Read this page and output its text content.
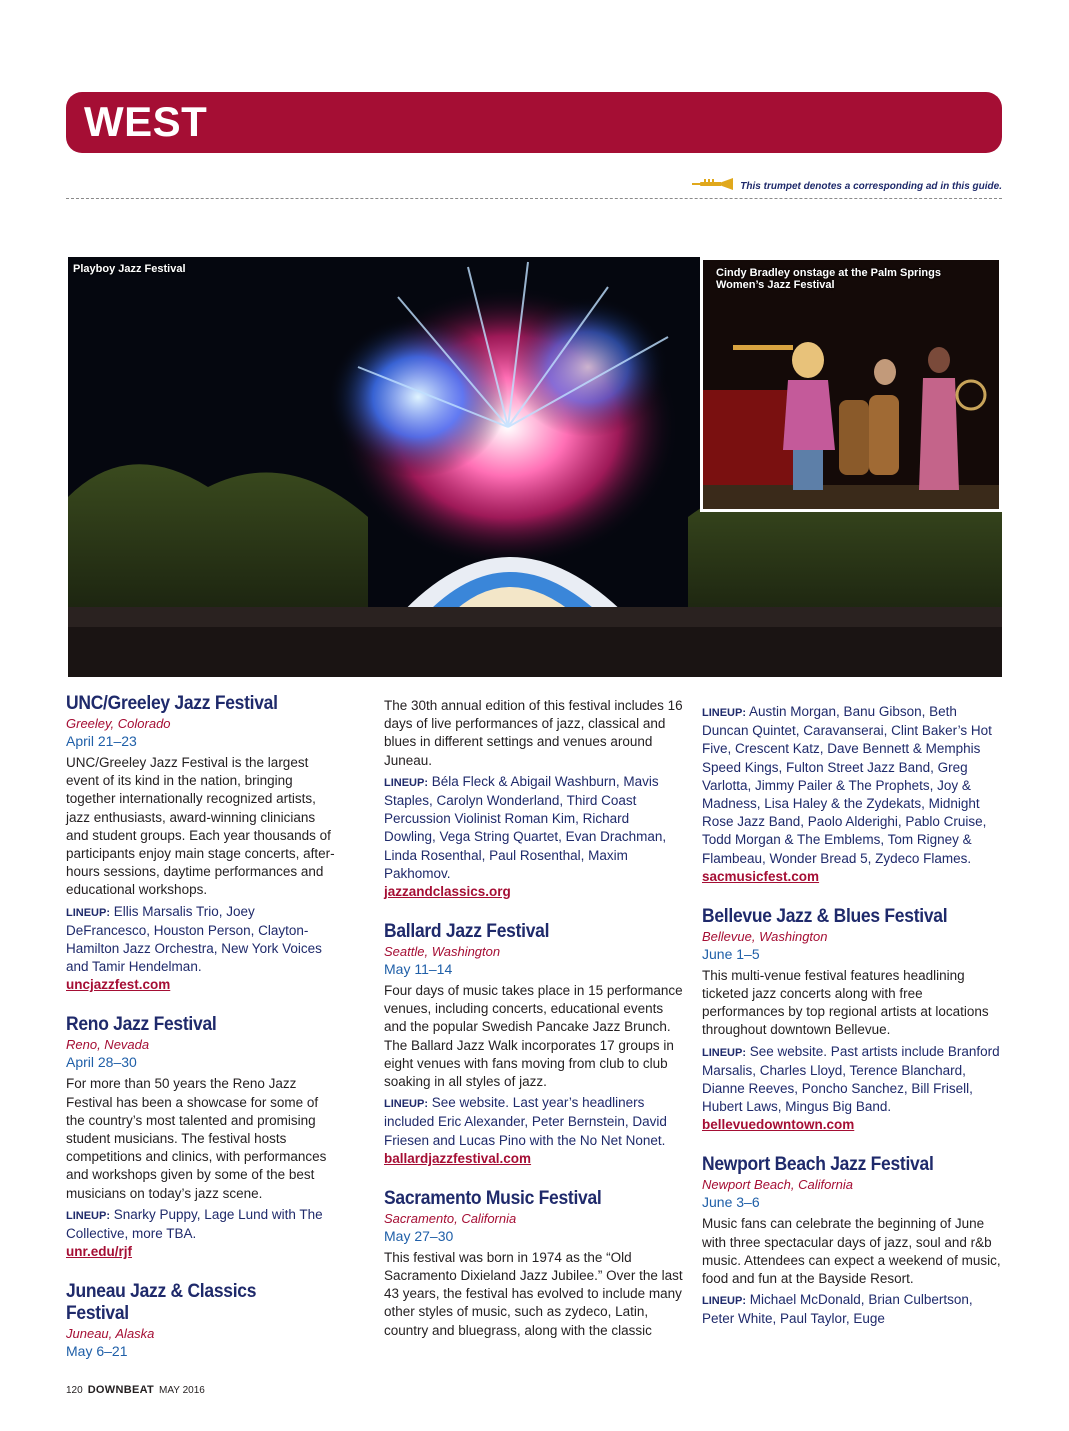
WEST
This trumpet denotes a corresponding ad in this guide.
Playboy Jazz Festival	Cindy Bradley onstage at the Palm Springs Women’s Jazz Festival
UNC/Greeley Jazz Festival
Greeley, Colorado
April 21–23
UNC/Greeley Jazz Festival is the largest event of its kind in the nation, bringing together internationally recognized artists, jazz enthusiasts, award-winning clinicians and student groups. Each year thousands of participants enjoy main stage concerts, after-hours sessions, daytime performances and educational workshops.
LINEUP: Ellis Marsalis Trio, Joey DeFrancesco, Houston Person, Clayton-Hamilton Jazz Orchestra, New York Voices and Tamir Hendelman.
uncjazzfest.com
Reno Jazz Festival
Reno, Nevada
April 28–30
For more than 50 years the Reno Jazz Festival has been a showcase for some of the country’s most talented and promising student musicians. The festival hosts competitions and clinics, with performances and workshops given by some of the best musicians on today’s jazz scene.
LINEUP: Snarky Puppy, Lage Lund with The Collective, more TBA.
unr.edu/rjf
Juneau Jazz & Classics Festival
Juneau, Alaska
May 6–21
The 30th annual edition of this festival includes 16 days of live performances of jazz, classical and blues in different settings and venues around Juneau.
LINEUP: Béla Fleck & Abigail Washburn, Mavis Staples, Carolyn Wonderland, Third Coast Percussion Violinist Roman Kim, Richard Dowling, Vega String Quartet, Evan Drachman, Linda Rosenthal, Paul Rosenthal, Maxim Pakhomov.
jazzandclassics.org
Ballard Jazz Festival
Seattle, Washington
May 11–14
Four days of music takes place in 15 performance venues, including concerts, educational events and the popular Swedish Pancake Jazz Brunch. The Ballard Jazz Walk incorporates 17 groups in eight venues with fans moving from club to club soaking in all styles of jazz.
LINEUP: See website. Last year’s headliners included Eric Alexander, Peter Bernstein, David Friesen and Lucas Pino with the No Net Nonet.
ballardjazzfestival.com
Sacramento Music Festival
Sacramento, California
May 27–30
This festival was born in 1974 as the “Old Sacramento Dixieland Jazz Jubilee.” Over the last 43 years, the festival has evolved to include many other styles of music, such as zydeco, Latin, country and bluegrass, along with the classic
LINEUP: Austin Morgan, Banu Gibson, Beth Duncan Quintet, Caravanserai, Clint Baker’s Hot Five, Crescent Katz, Dave Bennett & Memphis Speed Kings, Fulton Street Jazz Band, Greg Varlotta, Jimmy Pailer & The Prophets, Joy & Madness, Lisa Haley & the Zydekats, Midnight Rose Jazz Band, Paolo Alderighi, Pablo Cruise, Todd Morgan & The Emblems, Tom Rigney & Flambeau, Wonder Bread 5, Zydeco Flames.
sacmusicfest.com
Bellevue Jazz & Blues Festival
Bellevue, Washington
June 1–5
This multi-venue festival features headlining ticketed jazz concerts along with free performances by top regional artists at locations throughout downtown Bellevue.
LINEUP: See website. Past artists include Branford Marsalis, Charles Lloyd, Terence Blanchard, Dianne Reeves, Poncho Sanchez, Bill Frisell, Hubert Laws, Mingus Big Band.
bellevuedowntown.com
Newport Beach Jazz Festival
Newport Beach, California
June 3–6
Music fans can celebrate the beginning of June with three spectacular days of jazz, soul and r&b music. Attendees can expect a weekend of music, food and fun at the Bayside Resort.
LINEUP: Michael McDonald, Brian Culbertson, Peter White, Paul Taylor, Euge
120 DOWNBEAT MAY 2016
